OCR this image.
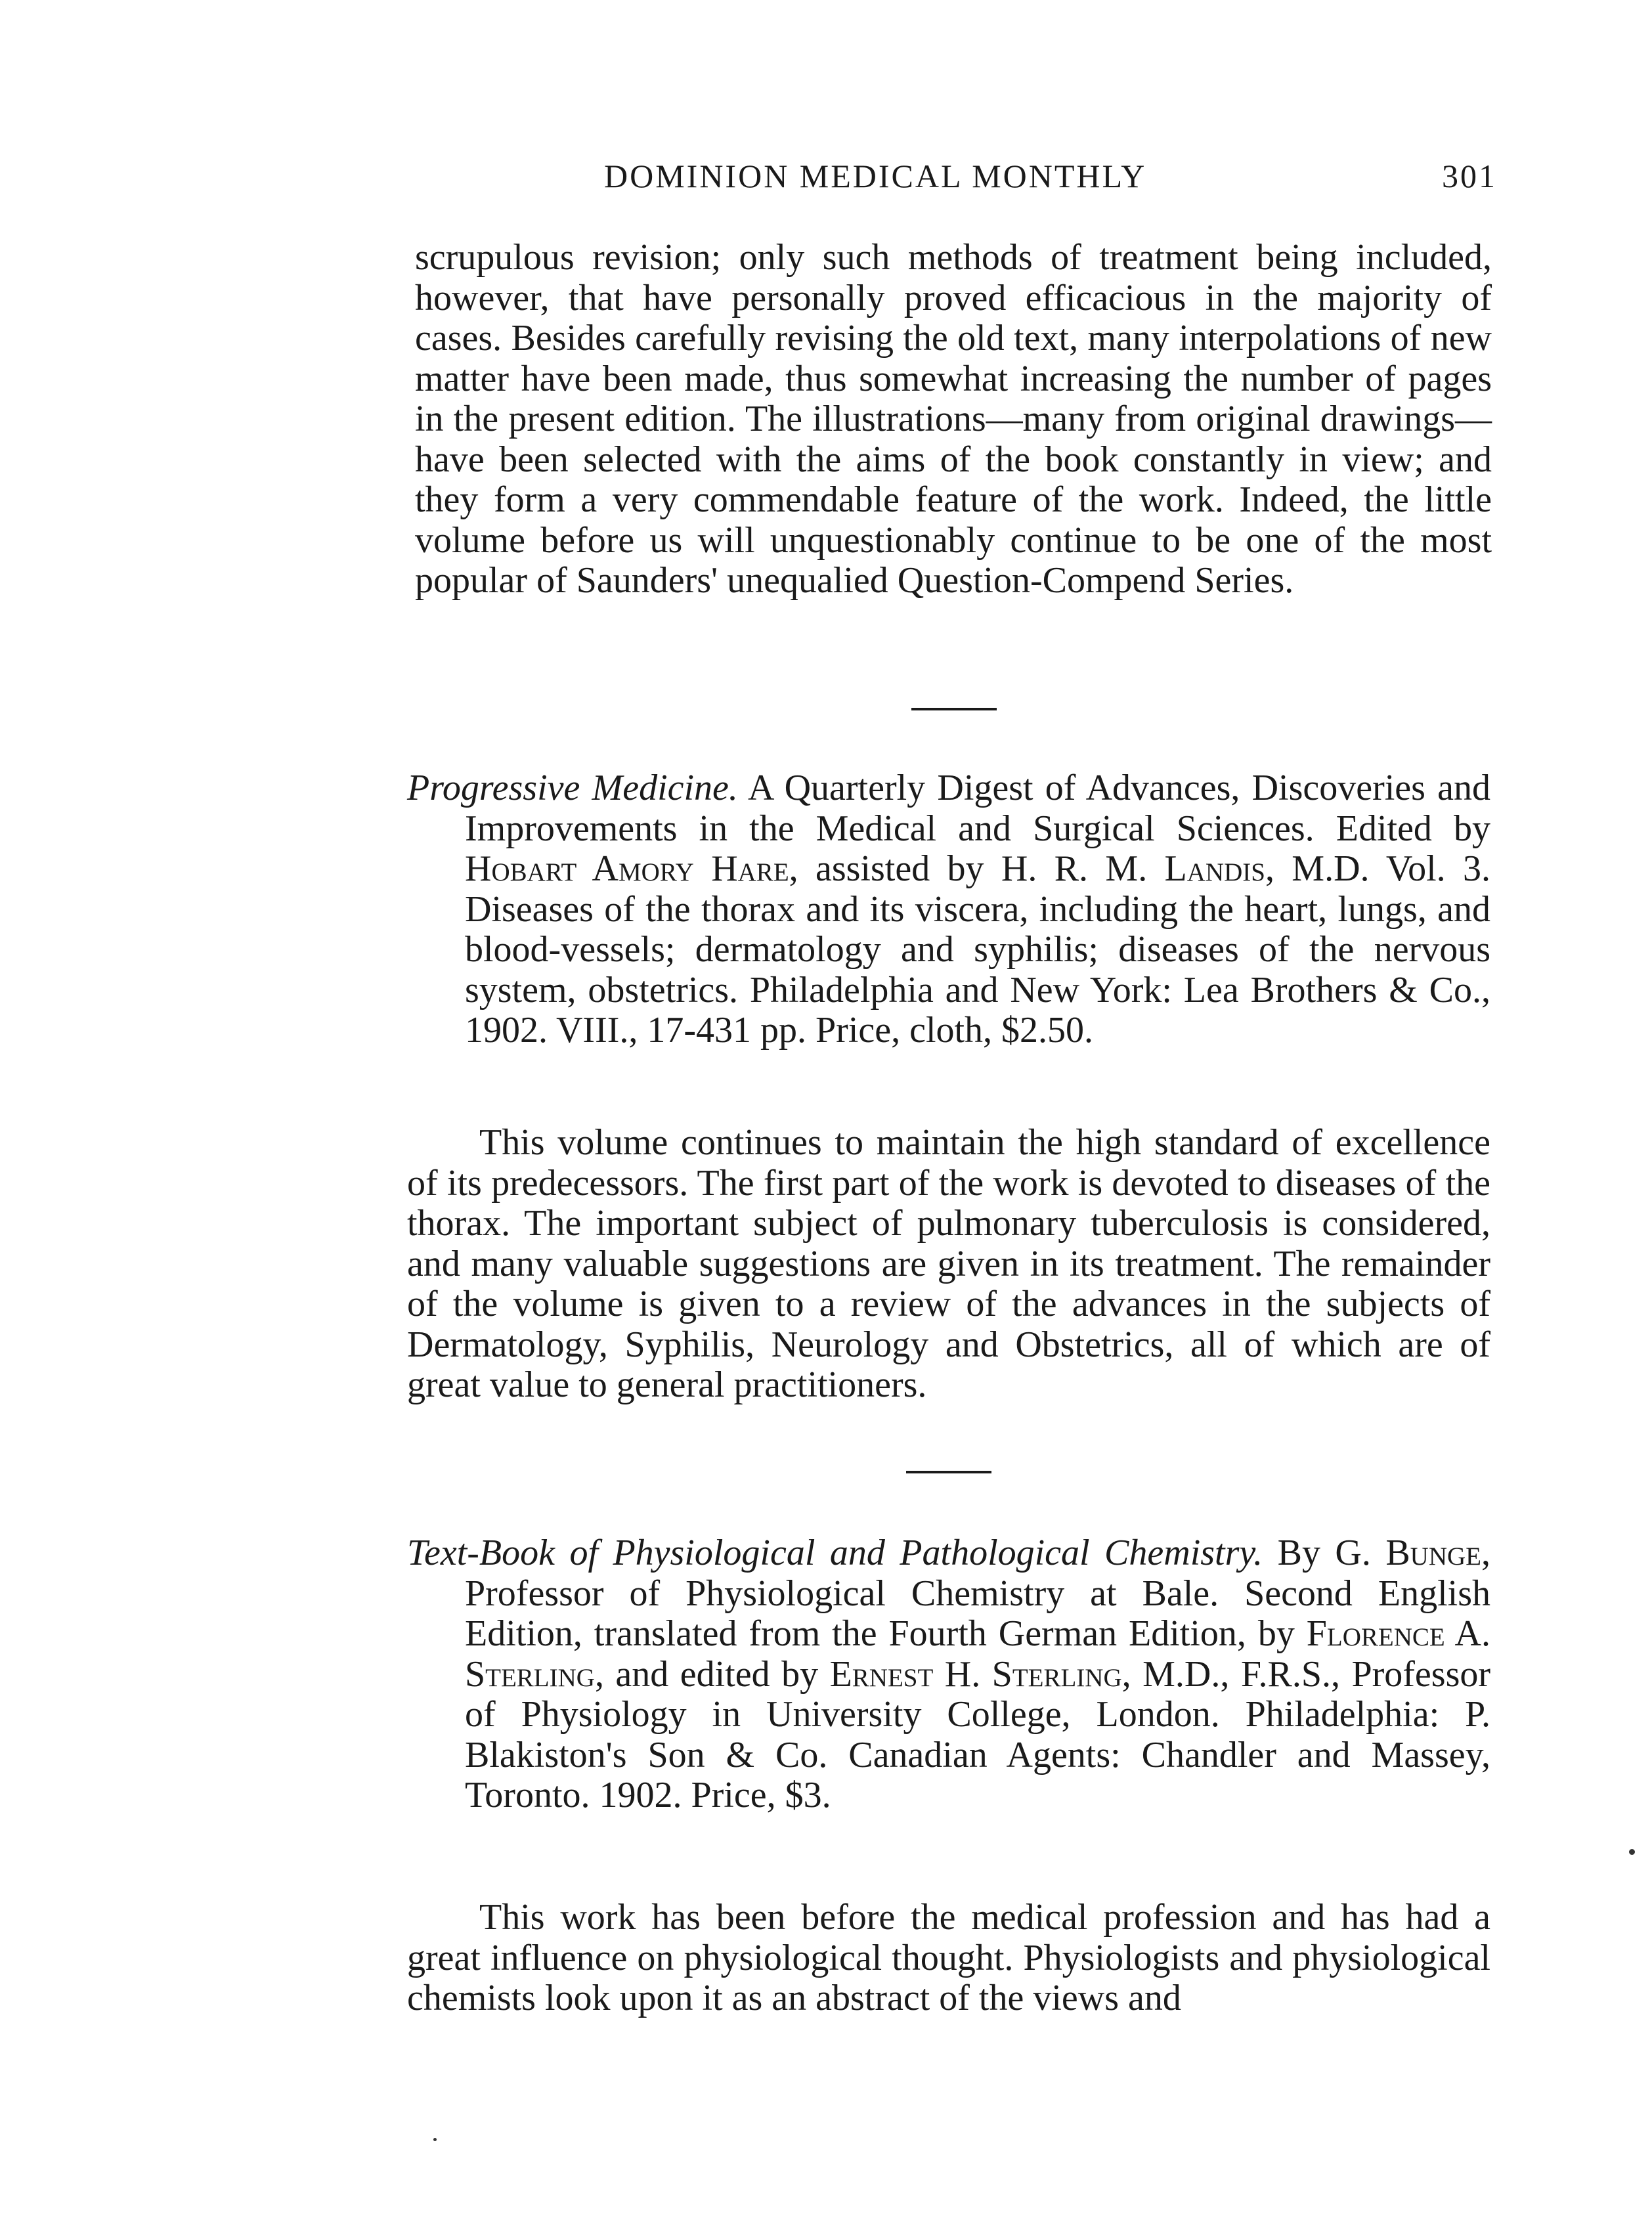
DOMINION MEDICAL MONTHLY	301

scrupulous revision; only such methods of treatment being included, however, that have personally proved efficacious in the majority of cases. Besides carefully revising the old text, many interpolations of new matter have been made, thus somewhat increasing the number of pages in the present edition. The illustrations—many from original drawings—have been selected with the aims of the book constantly in view; and they form a very commendable feature of the work. Indeed, the little volume before us will unquestionably continue to be one of the most popular of Saunders' unequalied Question-Compend Series.

Progressive Medicine. A Quarterly Digest of Advances, Discoveries and Improvements in the Medical and Surgical Sciences. Edited by Hobart Amory Hare, assisted by H. R. M. Landis, M.D. Vol. 3. Diseases of the thorax and its viscera, including the heart, lungs, and blood-vessels; dermatology and syphilis; diseases of the nervous system, obstetrics. Philadelphia and New York: Lea Brothers & Co., 1902. VIII., 17-431 pp. Price, cloth, $2.50.

This volume continues to maintain the high standard of excellence of its predecessors. The first part of the work is devoted to diseases of the thorax. The important subject of pulmonary tuberculosis is considered, and many valuable suggestions are given in its treatment. The remainder of the volume is given to a review of the advances in the subjects of Dermatology, Syphilis, Neurology and Obstetrics, all of which are of great value to general practitioners.

Text-Book of Physiological and Pathological Chemistry. By G. Bunge, Professor of Physiological Chemistry at Bale. Second English Edition, translated from the Fourth German Edition, by Florence A. Sterling, and edited by Ernest H. Sterling, M.D., F.R.S., Professor of Physiology in University College, London. Philadelphia: P. Blakiston's Son & Co. Canadian Agents: Chandler and Massey, Toronto. 1902. Price, $3.

This work has been before the medical profession and has had a great influence on physiological thought. Physiologists and physiological chemists look upon it as an abstract of the views and
